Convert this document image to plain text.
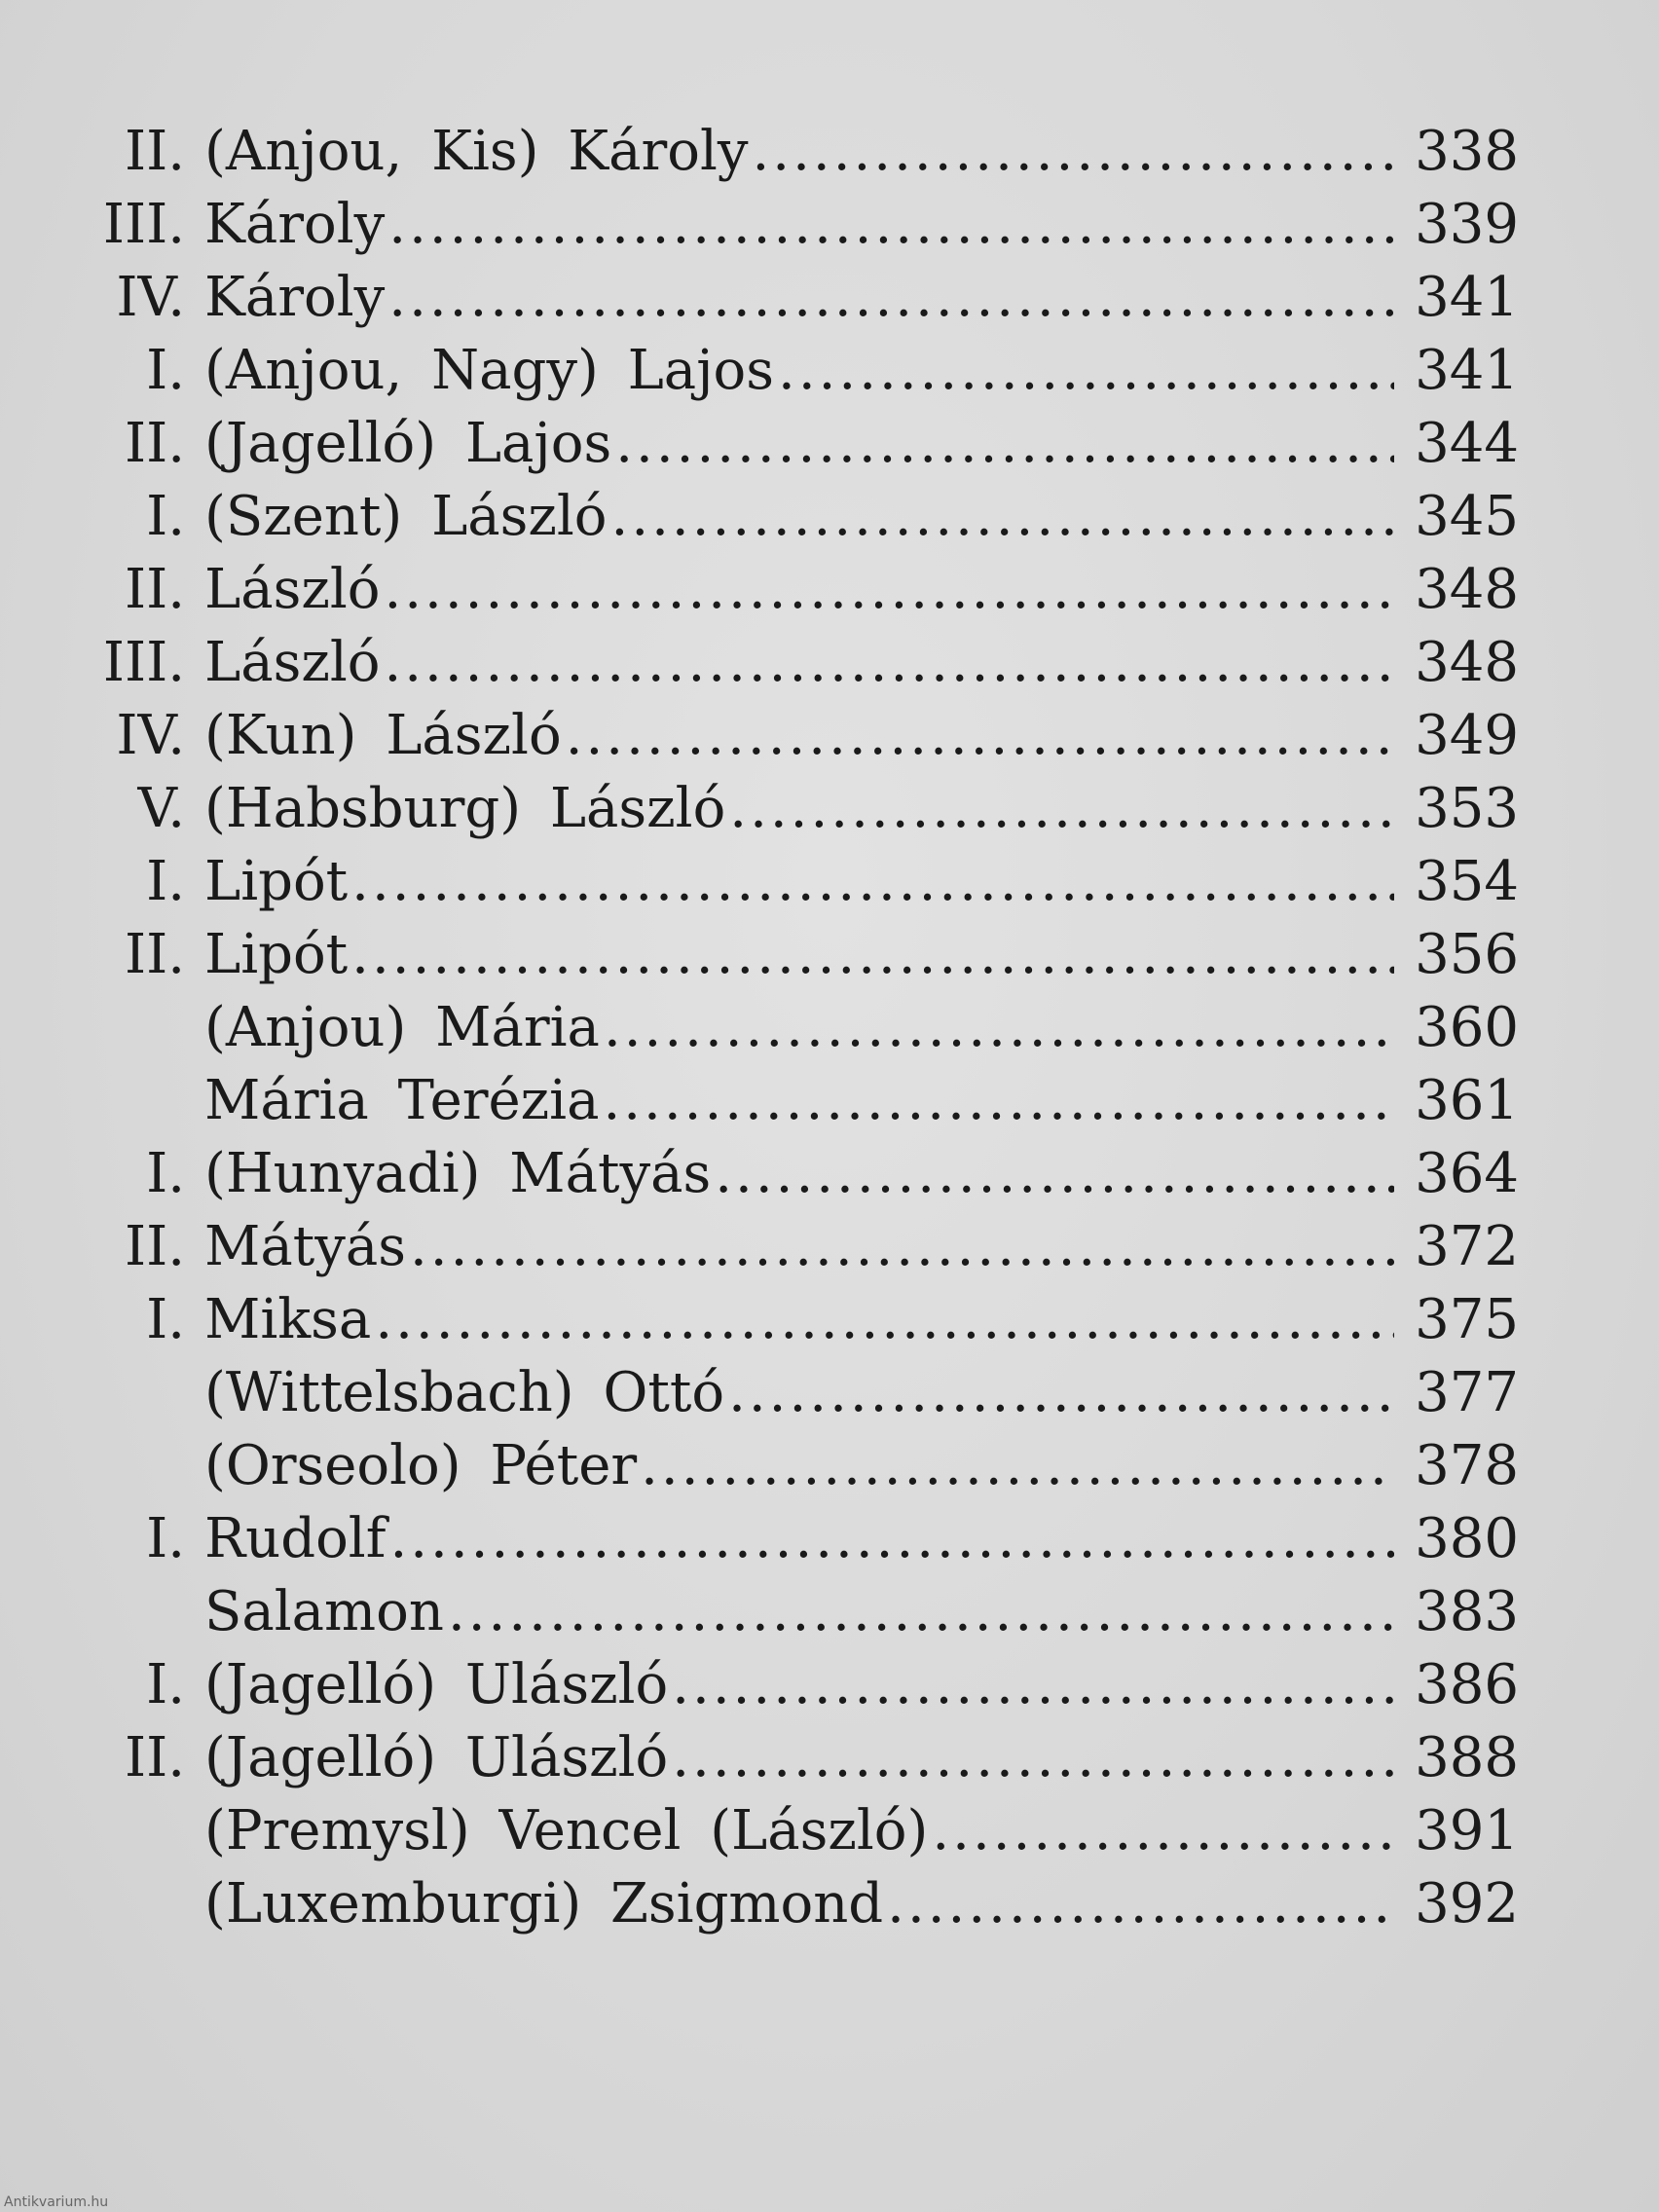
II. (Anjou, Kis) Károly .....	338
III. Károly .....	339
IV. Károly .....	341
I. (Anjou, Nagy) Lajos .....	341
II. (Jagelló) Lajos .....	344
I. (Szent) László .....	345
II. László .....	348
III. László .....	348
IV. (Kun) László .....	349
V. (Habsburg) László .....	353
I. Lipót .....	354
II. Lipót .....	356
(Anjou) Mária .....	360
Mária Terézia .....	361
I. (Hunyadi) Mátyás .....	364
II. Mátyás .....	372
I. Miksa .....	375
(Wittelsbach) Ottó .....	377
(Orseolo) Péter .....	378
I. Rudolf .....	380
Salamon .....	383
I. (Jagelló) Ulászló .....	386
II. (Jagelló) Ulászló .....	388
(Premysl) Vencel (László) .....	391
(Luxemburgi) Zsigmond .....	392
Antikvarium.hu
